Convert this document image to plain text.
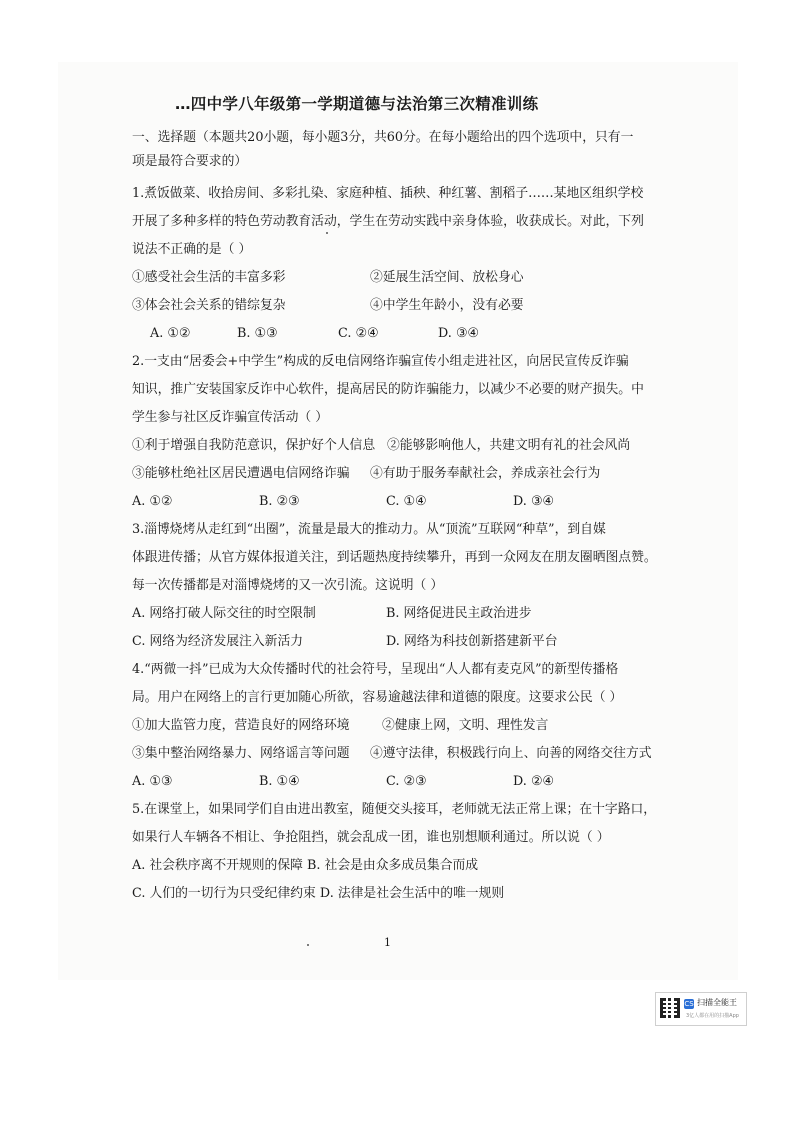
…四中学八年级第一学期道德与法治第三次精准训练
一、选择题（本题共20小题，每小题3分，共60分。在每小题给出的四个选项中，只有一
项是最符合要求的）
1.煮饭做菜、收拾房间、多彩扎染、家庭种植、插秧、种红薯、割稻子……某地区组织学校
开展了多种多样的特色劳动教育活动，学生在劳动实践中亲身体验，收获成长。对此，下列
说法不正确的是（ ）
①感受社会生活的丰富多彩	②延展生活空间、放松身心
③体会社会关系的错综复杂	④中学生年龄小，没有必要
A. ①②	B. ①③	C. ②④	D. ③④
2.一支由“居委会+中学生”构成的反电信网络诈骗宣传小组走进社区，向居民宣传反诈骗
知识，推广安装国家反诈中心软件，提高居民的防诈骗能力，以减少不必要的财产损失。中
学生参与社区反诈骗宣传活动（ ）
①利于增强自我防范意识，保护好个人信息 ②能够影响他人，共建文明有礼的社会风尚
③能够杜绝社区居民遭遇电信网络诈骗 ④有助于服务奉献社会，养成亲社会行为
A. ①②	B. ②③	C. ①④	D. ③④
3.淄博烧烤从走红到“出圈”，流量是最大的推动力。从“顶流”互联网“种草”，到自媒
体跟进传播；从官方媒体报道关注，到话题热度持续攀升，再到一众网友在朋友圈晒图点赞。
每一次传播都是对淄博烧烤的又一次引流。这说明（ ）
A. 网络打破人际交往的时空限制	B. 网络促进民主政治进步
C. 网络为经济发展注入新活力	D. 网络为科技创新搭建新平台
4.“两微一抖”已成为大众传播时代的社会符号，呈现出“人人都有麦克风”的新型传播格
局。用户在网络上的言行更加随心所欲，容易逾越法律和道德的限度。这要求公民（ ）
①加大监管力度，营造良好的网络环境	②健康上网，文明、理性发言
③集中整治网络暴力、网络谣言等问题 ④遵守法律，积极践行向上、向善的网络交往方式
A. ①③	B. ①④	C. ②③	D. ②④
5.在课堂上，如果同学们自由进出教室，随便交头接耳，老师就无法正常上课；在十字路口，
如果行人车辆各不相让、争抢阻挡，就会乱成一团，谁也别想顺利通过。所以说（ ）
A. 社会秩序离不开规则的保障 B. 社会是由众多成员集合而成
C. 人们的一切行为只受纪律约束 D. 法律是社会生活中的唯一规则
1
CS 扫描全能王
3亿人都在用的扫描App
